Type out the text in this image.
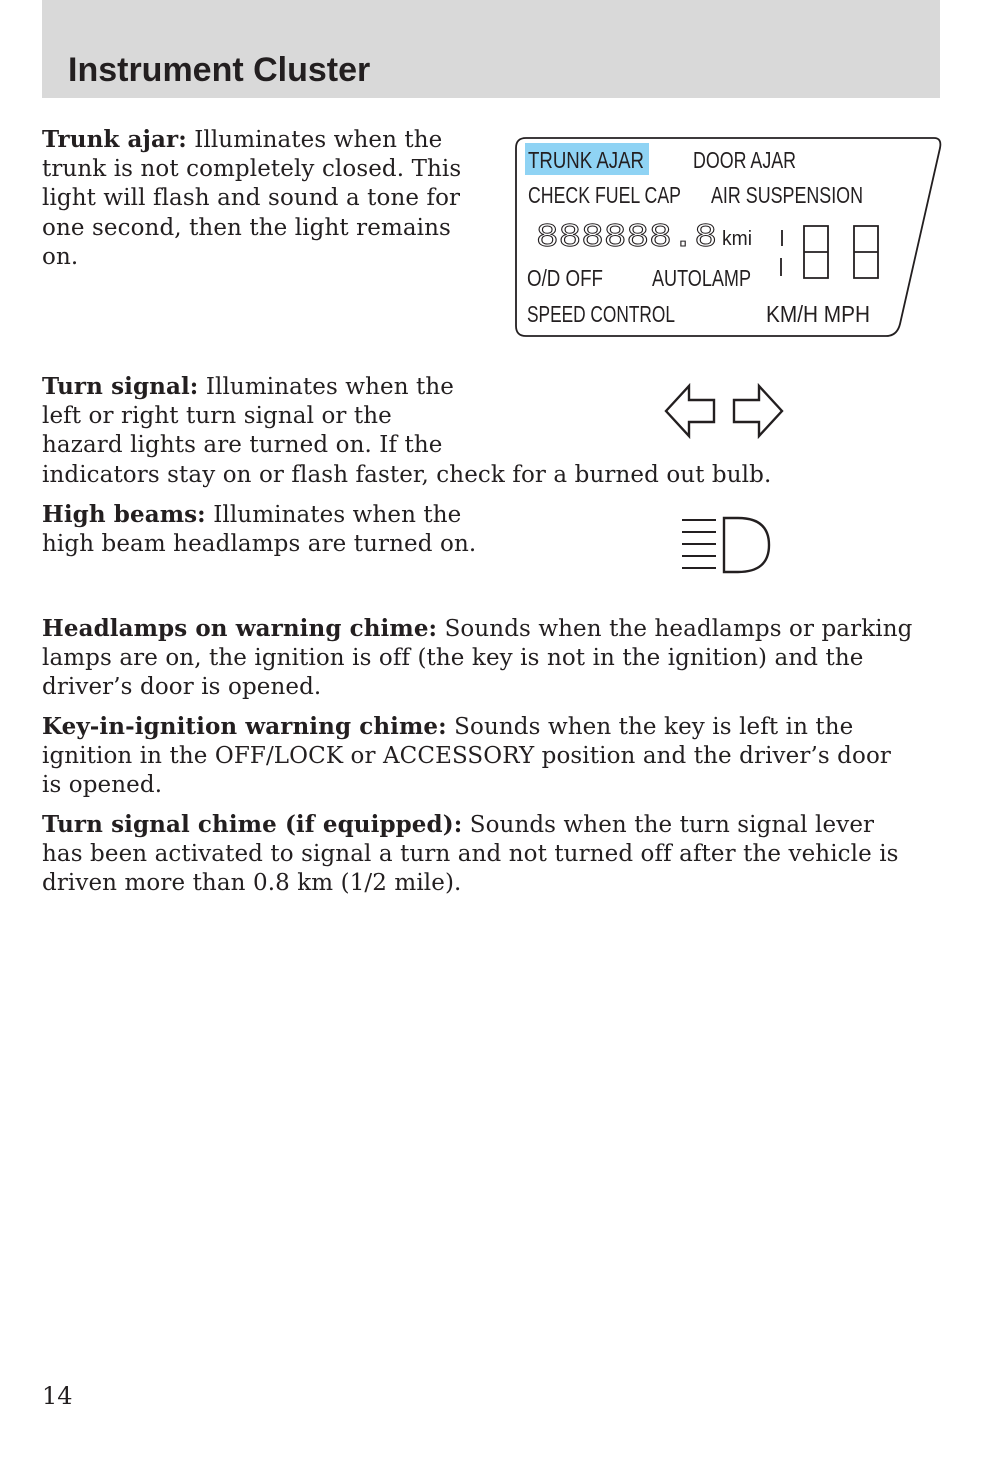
Instrument Cluster

Trunk ajar: Illuminates when the
trunk is not completely closed. This
light will flash and sound a tone for
one second, then the light remains
on.

TRUNK AJAR DOOR AJAR
CHECK FUEL CAP AIR SUSPENSION
888888.8 kmi
O/D OFF AUTOLAMP
SPEED CONTROL	KM/H MPH

Turn signal: Illuminates when the
left or right turn signal or the
hazard lights are turned on. If the
indicators stay on or flash faster, check for a burned out bulb.

High beams: Illuminates when the
high beam headlamps are turned on.

Headlamps on warning chime: Sounds when the headlamps or parking
lamps are on, the ignition is off (the key is not in the ignition) and the
driver’s door is opened.

Key-in-ignition warning chime: Sounds when the key is left in the
ignition in the OFF/LOCK or ACCESSORY position and the driver’s door
is opened.

Turn signal chime (if equipped): Sounds when the turn signal lever
has been activated to signal a turn and not turned off after the vehicle is
driven more than 0.8 km (1/2 mile).

14
